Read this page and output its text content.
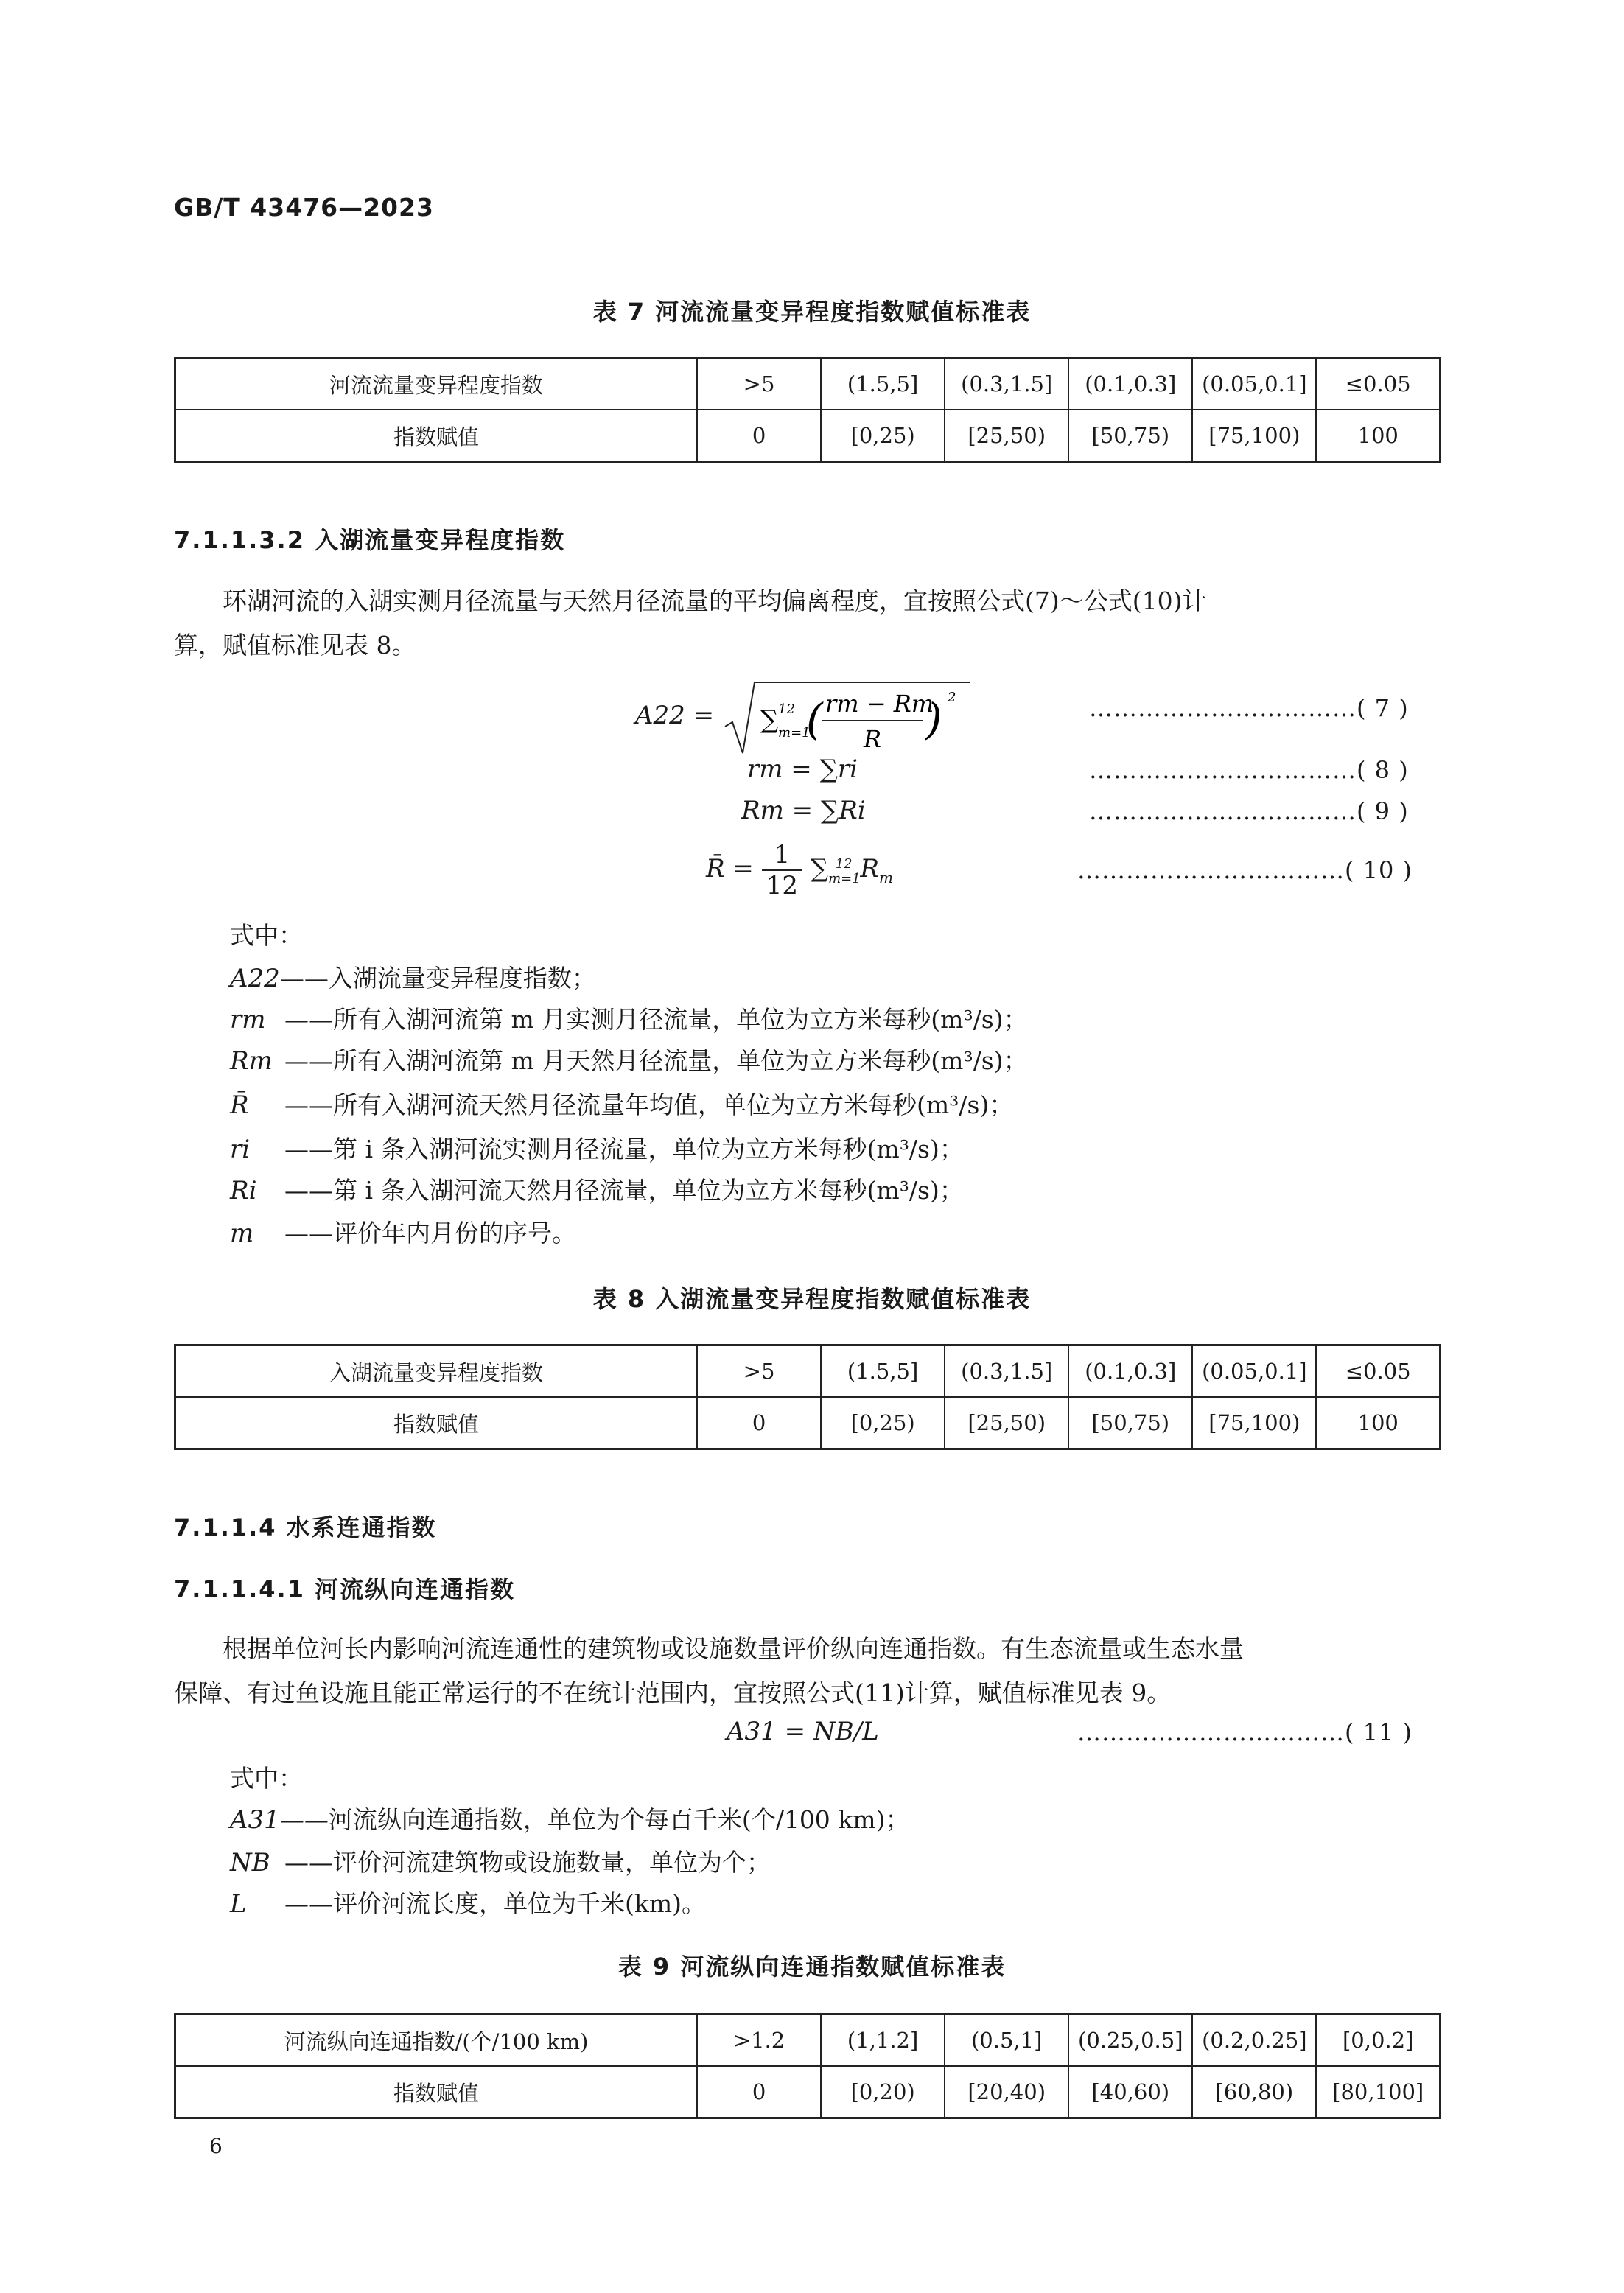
GB/T 43476—2023
表 7 河流流量变异程度指数赋值标准表
河流流量变异程度指数	>5	(1.5,5]	(0.3,1.5]	(0.1,0.3]	(0.05,0.1]	≤0.05
指数赋值	0	[0,25)	[25,50)	[50,75)	[75,100)	100
7.1.1.3.2 入湖流量变异程度指数
环湖河流的入湖实测月径流量与天然月径流量的平均偏离程度，宜按照公式(7)～公式(10)计
算，赋值标准见表 8。
A22 = ∑ 12
m=1
( rm − Rm
R ) 2	……………………………( 7 )
rm = ∑ri	……………………………( 8 )
Rm = ∑Ri	……………………………( 9 )
R̄ = $\frac{1}{12} \sum_{m=1}^{12}$ $R_m$	……………………………( 10 )
式中：
A22——入湖流量变异程度指数；
rm ——所有入湖河流第 m 月实测月径流量，单位为立方米每秒(m³/s)；
Rm ——所有入湖河流第 m 月天然月径流量，单位为立方米每秒(m³/s)；
R̄ ——所有入湖河流天然月径流量年均值，单位为立方米每秒(m³/s)；
ri ——第 i 条入湖河流实测月径流量，单位为立方米每秒(m³/s)；
Ri ——第 i 条入湖河流天然月径流量，单位为立方米每秒(m³/s)；
m ——评价年内月份的序号。
表 8 入湖流量变异程度指数赋值标准表
入湖流量变异程度指数	>5	(1.5,5]	(0.3,1.5]	(0.1,0.3]	(0.05,0.1]	≤0.05
指数赋值	0	[0,25)	[25,50)	[50,75)	[75,100)	100
7.1.1.4 水系连通指数
7.1.1.4.1 河流纵向连通指数
根据单位河长内影响河流连通性的建筑物或设施数量评价纵向连通指数。有生态流量或生态水量
保障、有过鱼设施且能正常运行的不在统计范围内，宜按照公式(11)计算，赋值标准见表 9。
A31 = NB/L	……………………………( 11 )
式中：
A31——河流纵向连通指数，单位为个每百千米(个/100 km)；
NB ——评价河流建筑物或设施数量，单位为个；
L ——评价河流长度，单位为千米(km)。
表 9 河流纵向连通指数赋值标准表
河流纵向连通指数/(个/100 km)	>1.2	(1,1.2]	(0.5,1]	(0.25,0.5]	(0.2,0.25]	[0,0.2]
指数赋值	0	[0,20)	[20,40)	[40,60)	[60,80)	[80,100]
6
